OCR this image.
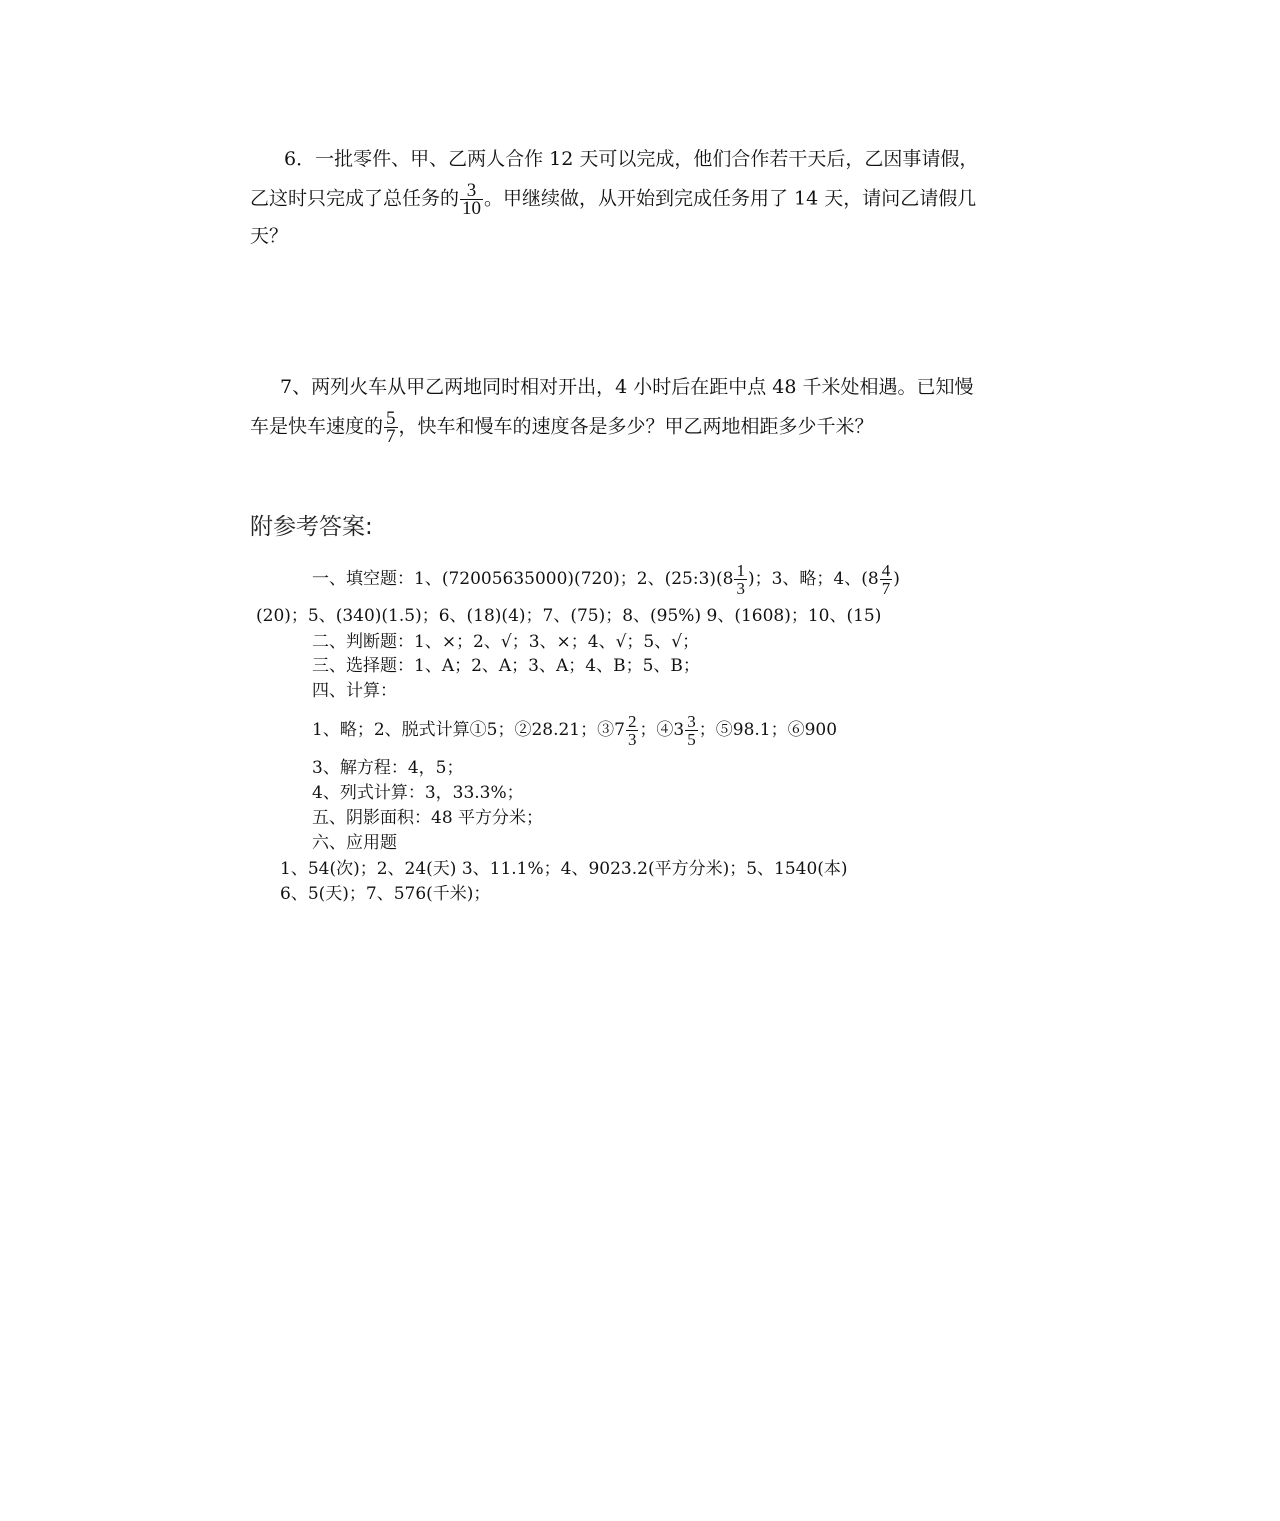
6．一批零件、甲、乙两人合作 12 天可以完成，他们合作若干天后，乙因事请假，
乙这时只完成了总任务的 $\frac{3}{10}$ 。甲继续做，从开始到完成任务用了 14 天，请问乙请假几
天？
7、两列火车从甲乙两地同时相对开出，4 小时后在距中点 48 千米处相遇。已知慢
车是快车速度的 $\frac{5}{7}$ ，快车和慢车的速度各是多少？甲乙两地相距多少千米？
附参考答案:
一、填空题：1、(72005635000)(720)；2、(25:3)(8 $\frac{1}{3}$ )；3、略；4、($8 \frac{4}{7}$ )
(20)；5、(340)(1.5)；6、(18)(4)；7、(75)；8、(95%) 9、(1608)；10、(15)
二、判断题：1、×；2、√；3、×；4、√；5、√；
三、选择题：1、A；2、A；3、A；4、B；5、B；
四、计算：
1、略；2、脱式计算①5；②28.21；③7 $\frac{2}{3}$ ；④3 $\frac{3}{5}$ ；⑤98.1；⑥900
3、解方程：4，5；
4、列式计算：3，33.3%；
五、阴影面积：48 平方分米；
六、应用题
1、54(次)；2、24(天) 3、11.1%；4、9023.2(平方分米)；5、1540(本)
6、5(天)；7、576(千米)；
